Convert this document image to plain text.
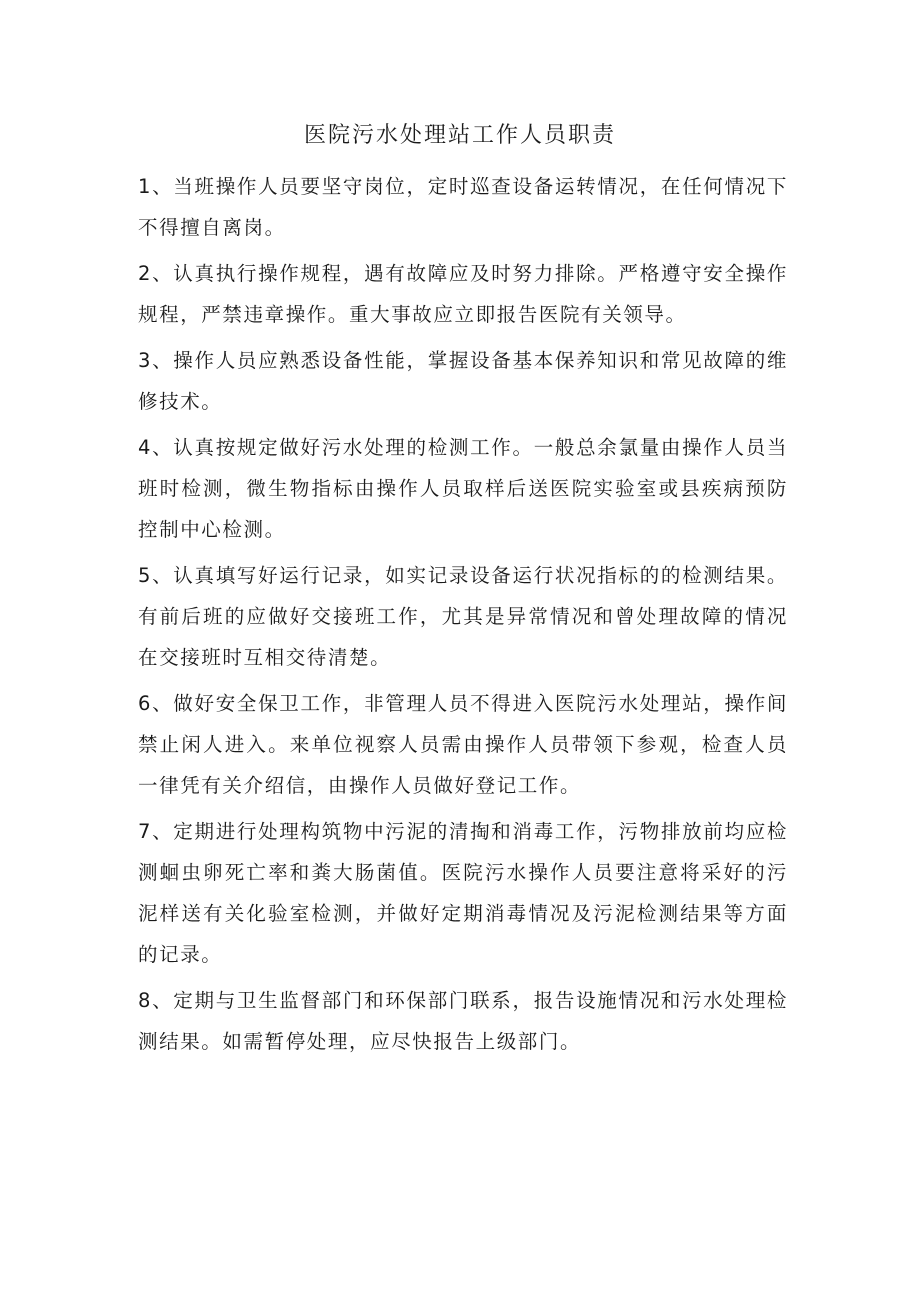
医院污水处理站工作人员职责

1、当班操作人员要坚守岗位，定时巡查设备运转情况，在任何情况下不得擅自离岗。

2、认真执行操作规程，遇有故障应及时努力排除。严格遵守安全操作规程，严禁违章操作。重大事故应立即报告医院有关领导。

3、操作人员应熟悉设备性能，掌握设备基本保养知识和常见故障的维修技术。

4、认真按规定做好污水处理的检测工作。一般总余氯量由操作人员当班时检测，微生物指标由操作人员取样后送医院实验室或县疾病预防控制中心检测。

5、认真填写好运行记录，如实记录设备运行状况指标的的检测结果。有前后班的应做好交接班工作，尤其是异常情况和曾处理故障的情况在交接班时互相交待清楚。

6、做好安全保卫工作，非管理人员不得进入医院污水处理站，操作间禁止闲人进入。来单位视察人员需由操作人员带领下参观，检查人员一律凭有关介绍信，由操作人员做好登记工作。

7、定期进行处理构筑物中污泥的清掏和消毒工作，污物排放前均应检测蛔虫卵死亡率和粪大肠菌值。医院污水操作人员要注意将采好的污泥样送有关化验室检测，并做好定期消毒情况及污泥检测结果等方面的记录。

8、定期与卫生监督部门和环保部门联系，报告设施情况和污水处理检测结果。如需暂停处理，应尽快报告上级部门。
